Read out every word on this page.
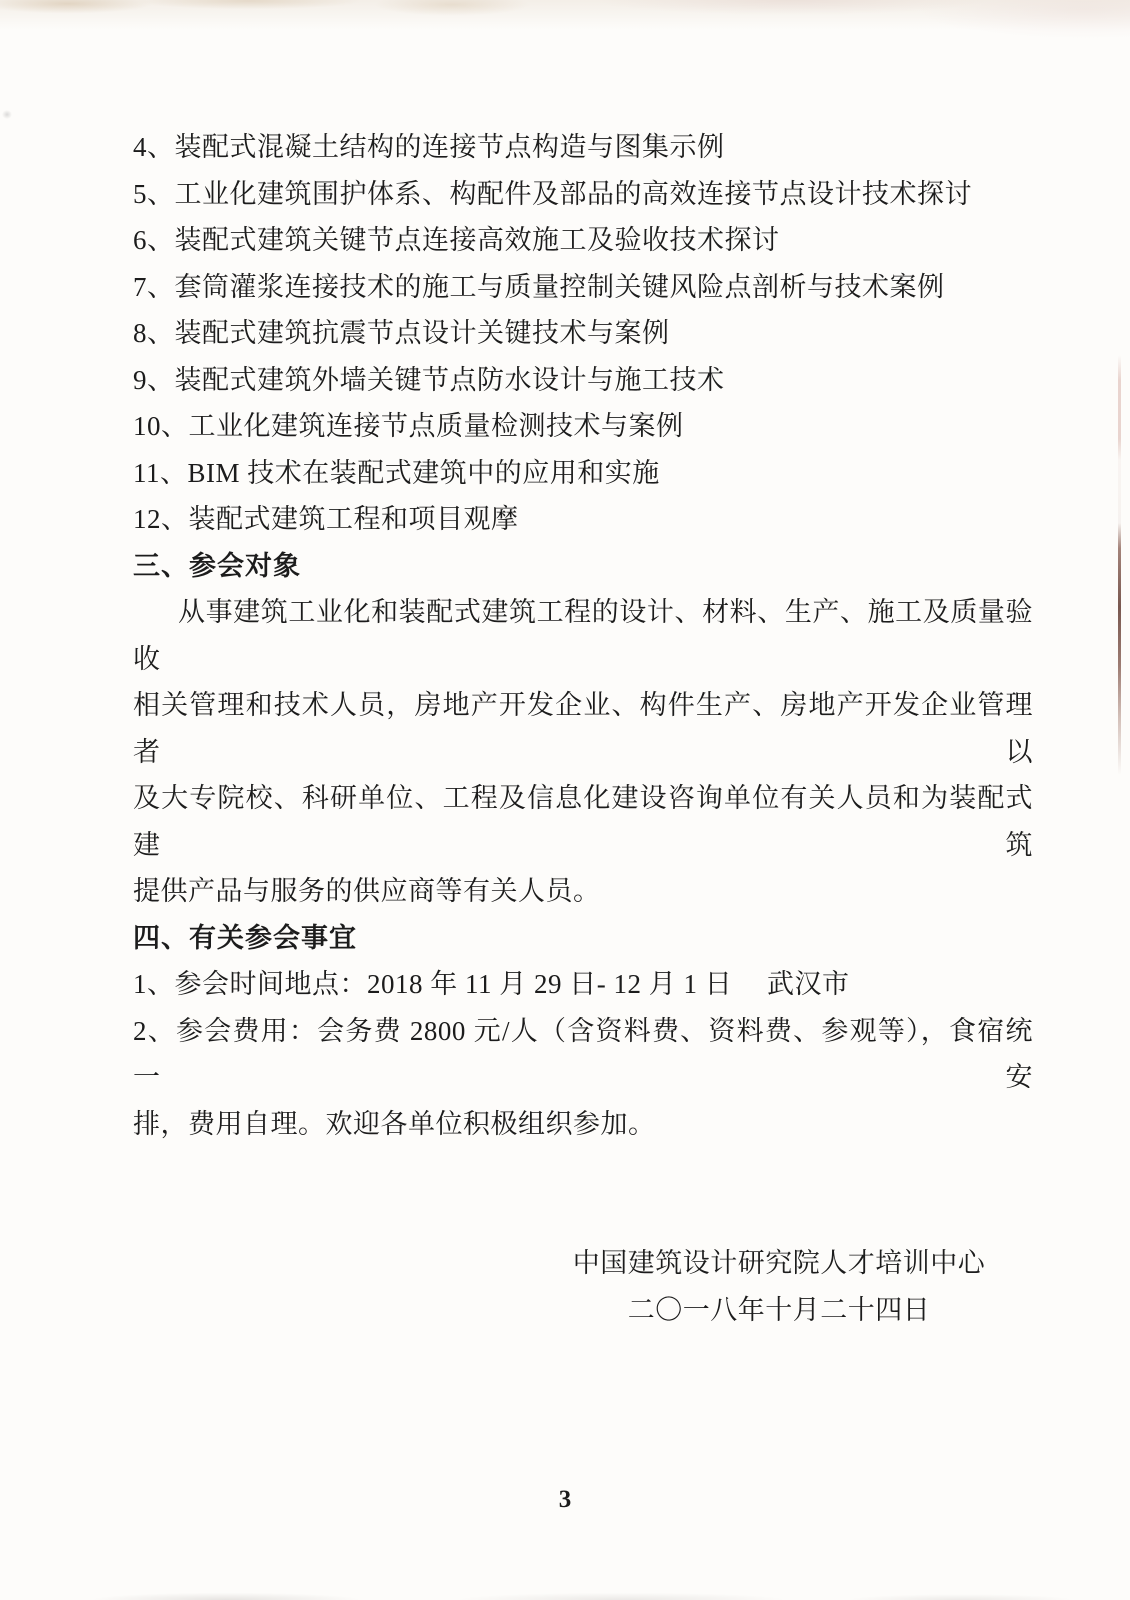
4、装配式混凝土结构的连接节点构造与图集示例
5、工业化建筑围护体系、构配件及部品的高效连接节点设计技术探讨
6、装配式建筑关键节点连接高效施工及验收技术探讨
7、套筒灌浆连接技术的施工与质量控制关键风险点剖析与技术案例
8、装配式建筑抗震节点设计关键技术与案例
9、装配式建筑外墙关键节点防水设计与施工技术
10、工业化建筑连接节点质量检测技术与案例
11、BIM 技术在装配式建筑中的应用和实施
12、装配式建筑工程和项目观摩
三、参会对象
从事建筑工业化和装配式建筑工程的设计、材料、生产、施工及质量验收
相关管理和技术人员，房地产开发企业、构件生产、房地产开发企业管理者以
及大专院校、科研单位、工程及信息化建设咨询单位有关人员和为装配式建筑
提供产品与服务的供应商等有关人员。
四、有关参会事宜
1、参会时间地点：2018 年 11 月 29 日- 12 月 1 日　 武汉市
2、参会费用：会务费 2800 元/人（含资料费、资料费、参观等），食宿统一安
排，费用自理。欢迎各单位积极组织参加。
中国建筑设计研究院人才培训中心
二〇一八年十月二十四日
3
